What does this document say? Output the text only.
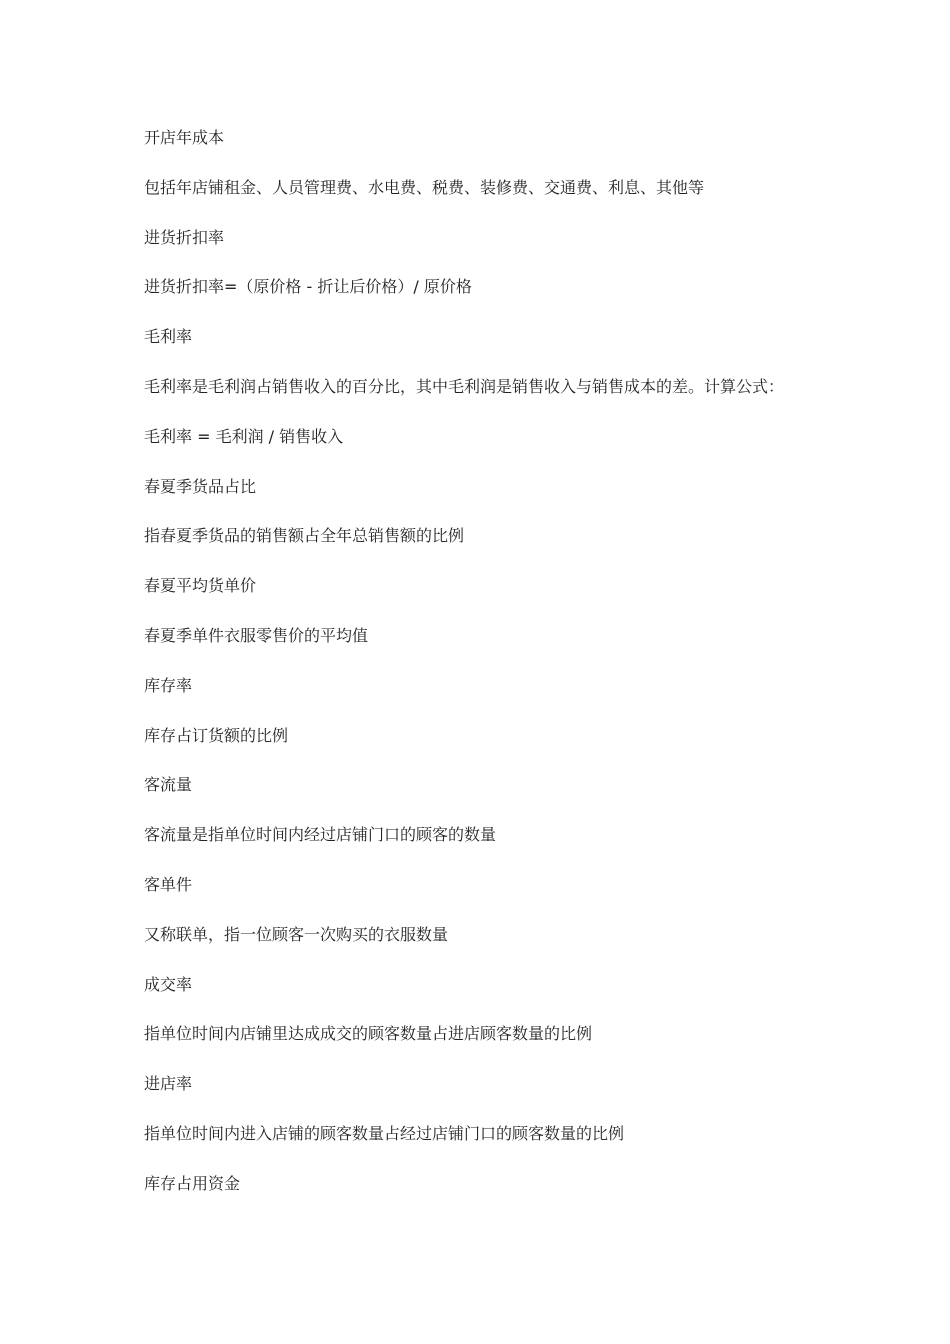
开店年成本
包括年店铺租金、人员管理费、水电费、税费、装修费、交通费、利息、其他等
进货折扣率
进货折扣率=（原价格 - 折让后价格）/ 原价格
毛利率
毛利率是毛利润占销售收入的百分比，其中毛利润是销售收入与销售成本的差。计算公式：
毛利率 = 毛利润 / 销售收入
春夏季货品占比
指春夏季货品的销售额占全年总销售额的比例
春夏平均货单价
春夏季单件衣服零售价的平均值
库存率
库存占订货额的比例
客流量
客流量是指单位时间内经过店铺门口的顾客的数量
客单件
又称联单，指一位顾客一次购买的衣服数量
成交率
指单位时间内店铺里达成成交的顾客数量占进店顾客数量的比例
进店率
指单位时间内进入店铺的顾客数量占经过店铺门口的顾客数量的比例
库存占用资金
